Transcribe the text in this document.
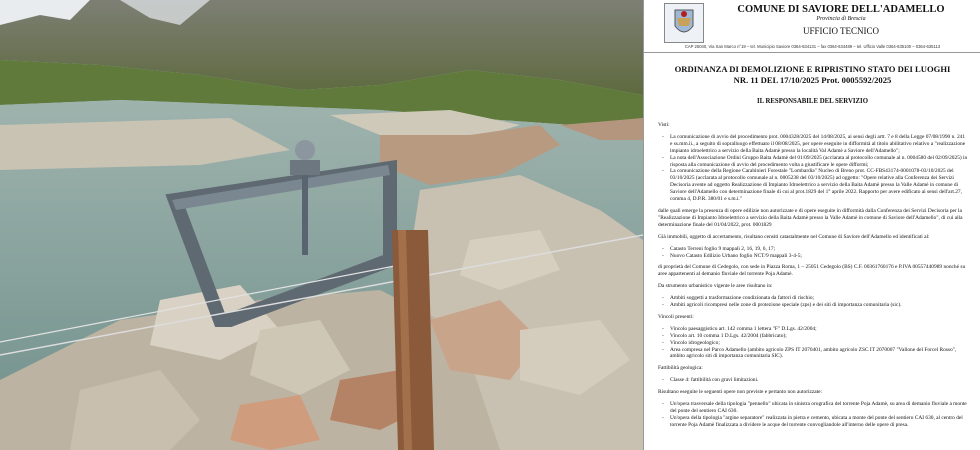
COMUNE DI SAVIORE DELL'ADAMELLO
Provincia di Brescia
UFFICIO TECNICO
CAP 25040, Via San Marco n°19 – tel. Municipio Saviore 0364-634131 – fax 0364-634489 – tel. Ufficio Valle 0364-635100 – 0364-635113
ORDINANZA DI DEMOLIZIONE E RIPRISTINO STATO DEI LUOGHI
NR. 11 DEL 17/10/2025 Prot. 0005592/2025
IL RESPONSABILE DEL SERVIZIO

Visti:

- La comunicazione di avvio del procedimento prot. 0004328/2025 del 14/08/2025, ai sensi degli artt. 7 e 8 della Legge 07/08/1990 n. 241 e ss.mm.ii., a seguito di sopralluogo effettuato il 08/08/2025, per opere eseguite in difformità al titolo abilitativo relativo a "realizzazione impianto idroelettrico a servizio della Baita Adamè presso la località Val Adamè a Saviore dell'Adamello";
- La nota dell'Associazione Ordini Gruppo Baita Adamè del 01/09/2025 (acclarata al protocollo comunale al n. 0004580 del 02/09/2025) in risposta alla comunicazione di avvio del procedimento volta a giustificare le opere difformi;
- La comunicazione della Regione Carabinieri Forestale "Lombardia" Nucleo di Breno prot. CC-FBS43174-0001078-03/10/2025 del 03/10/2025 (acclarata al protocollo comunale al n. 0005238 del 03/10/2025) ad oggetto: "Opere relative alla Conferenza dei Servizi Decisoria avente ad oggetto Realizzazione di Impianto Idroelettrico a servizio della Baita Adamè presso la Valle Adamè in comune di Saviore dell'Adamello con determinazione finale di cui al prot.1829 del 1° aprile 2022. Rapporto per avere edificato ai sensi dell'art.27, comma 4, D.P.R. 380/01 e s.m.i."

dalle quali emerge la presenza di opere edilizie non autorizzate e di opere eseguite in difformità dalla Conferenza dei Servizi Decisoria per la "Realizzazione di Impianto Idroelettrico a servizio della Baita Adamè presso la Valle Adamè in comune di Saviore dell'Adamello", di cui alla determinazione finale del 01/04/2022, prot. 0001829

Già immobili, oggetto di accertamento, risultano censiti catastalmente nel Comune di Saviore dell'Adamello ed identificati al:

- Catasto Terreni foglio 9 mappali 2, 16, 19, 6, 17;
- Nuovo Catasto Edilizio Urbano foglio NCT/9 mappali 3-4-5;

di proprietà del Comune di Cedegolo, con sede in Piazza Roma, 1 – 25051 Cedegolo (BS) C.F. 00361760176 e P.IVA 00557440989 nonché su aree appartenenti al demanio fluviale del torrente Poja Adamè.

Da strumento urbanistico vigente le aree risultano in:

- Ambiti soggetti a trasformazione condizionata da fattori di rischio;
- Ambiti agricoli ricompresi nelle zone di protezione speciale (zps) e dei siti di importanza comunitaria (sic).

Vincoli presenti:

- Vincolo paesaggistico art. 142 comma 1 lettera "F" D.Lgs. 42/2004;
- Vincolo art. 10 comma 1 D.Lgs. 42/2004 (fabbricato);
- Vincolo idrogeologico;
- Area compresa nel Parco Adamello (ambito agricolo ZPS IT 2070401, ambito agricolo ZSC IT 2070007 "Vallone del Forcel Rosso", ambito agricolo siti di importanza comunitaria SIC).

Fattibilità geologica:

- Classe 4: fattibilità con gravi limitazioni.

Risultano eseguite le seguenti opere non previste e pertanto non autorizzate:

- Un'opera trasversale della tipologia "pennello" ubicata in sinistra orografica del torrente Poja Adamè, su area di demanio fluviale a monte del ponte del sentiero CAI 630.
- Un'opera della tipologia "argine separatore" realizzata in pietra e cemento, ubicata a monte del ponte del sentiero CAI 630, al centro del torrente Poja Adamè finalizzata a dividere le acque del torrente convogliandole all'interno delle opere di presa.
